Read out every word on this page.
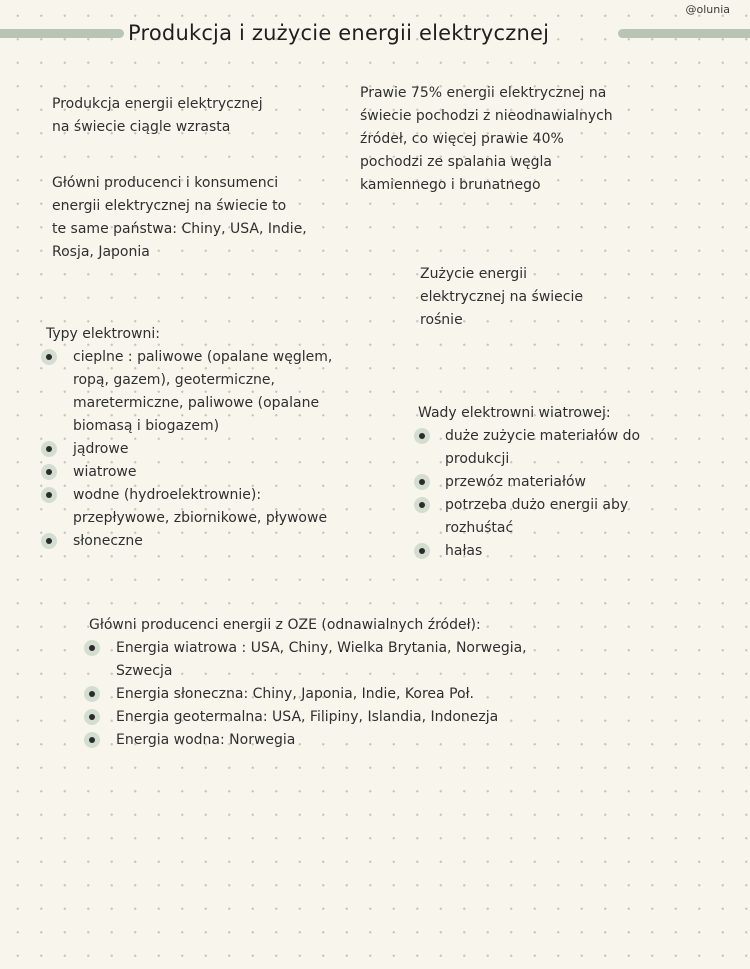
@olunia
Produkcja i zużycie energii elektrycznej
Produkcja energii elektrycznej
na świecie ciągle wzrasta
Główni producenci i konsumenci
energii elektrycznej na świecie to
te same państwa: Chiny, USA, Indie,
Rosja, Japonia
Prawie 75% energii elektrycznej na
świecie pochodzi z nieodnawialnych
źródeł, co więcej prawie 40%
pochodzi ze spalania węgla
kamiennego i brunatnego
Zużycie energii
elektrycznej na świecie
rośnie
Typy elektrowni:
cieplne : paliwowe (opalane węglem,
ropą, gazem), geotermiczne,
maretermiczne, paliwowe (opalane
biomasą i biogazem)
jądrowe
wiatrowe
wodne (hydroelektrownie):
przepływowe, zbiornikowe, pływowe
słoneczne
Wady elektrowni wiatrowej:
duże zużycie materiałów do
produkcji
przewóz materiałów
potrzeba dużo energii aby
rozhuśtać
hałas
Główni producenci energii z OZE (odnawialnych źródeł):
Energia wiatrowa : USA, Chiny, Wielka Brytania, Norwegia,
Szwecja
Energia słoneczna: Chiny, Japonia, Indie, Korea Poł.
Energia geotermalna: USA, Filipiny, Islandia, Indonezja
Energia wodna: Norwegia
